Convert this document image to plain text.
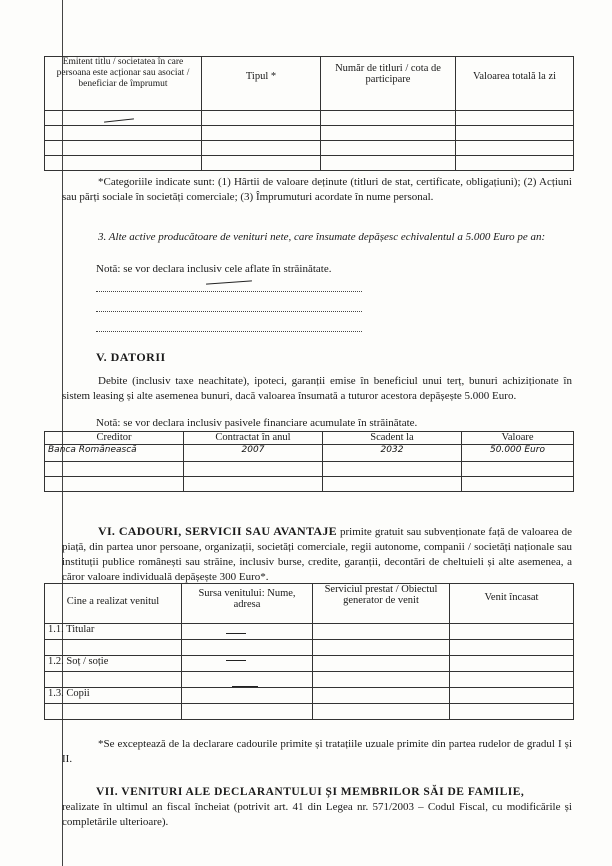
Emitent titlu / societatea în care persoana este acționar sau asociat / beneficiar de împrumut	Tipul *	Număr de titluri / cota de participare	Valoarea totală la zi

*Categoriile indicate sunt: (1) Hârtii de valoare deținute (titluri de stat, certificate, obligațiuni); (2) Acțiuni sau părți sociale în societăți comerciale; (3) Împrumuturi acordate în nume personal.
3. Alte active producătoare de venituri nete, care însumate depășesc echivalentul a 5.000 Euro pe an:
Notă: se vor declara inclusiv cele aflate în străinătate.
V. DATORII
Debite (inclusiv taxe neachitate), ipoteci, garanții emise în beneficiul unui terț, bunuri achiziționate în sistem leasing și alte asemenea bunuri, dacă valoarea însumată a tuturor acestora depășește 5.000 Euro.
Notă: se vor declara inclusiv pasivele financiare acumulate în străinătate.
Creditor	Contractat în anul	Scadent la	Valoare
Banca Românească	2007	2032	50.000 Euro

VI. CADOURI, SERVICII SAU AVANTAJE primite gratuit sau subvenționate față de valoarea de piață, din partea unor persoane, organizații, societăți comerciale, regii autonome, companii / societăți naționale sau instituții publice românești sau străine, inclusiv burse, credite, garanții, decontări de cheltuieli și alte asemenea, a căror valoare individuală depășește 300 Euro*.
Cine a realizat venitul	Sursa venitului: Nume, adresa	Serviciul prestat / Obiectul generator de venit	Venit încasat
1.1. Titular			

1.2. Soț / soție			

1.3. Copii			

*Se exceptează de la declarare cadourile primite și tratațiile uzuale primite din partea rudelor de gradul I și II.
VII. VENITURI ALE DECLARANTULUI ȘI MEMBRILOR SĂI DE FAMILIE,
realizate în ultimul an fiscal încheiat (potrivit art. 41 din Legea nr. 571/2003 – Codul Fiscal, cu modificările și completările ulterioare).
